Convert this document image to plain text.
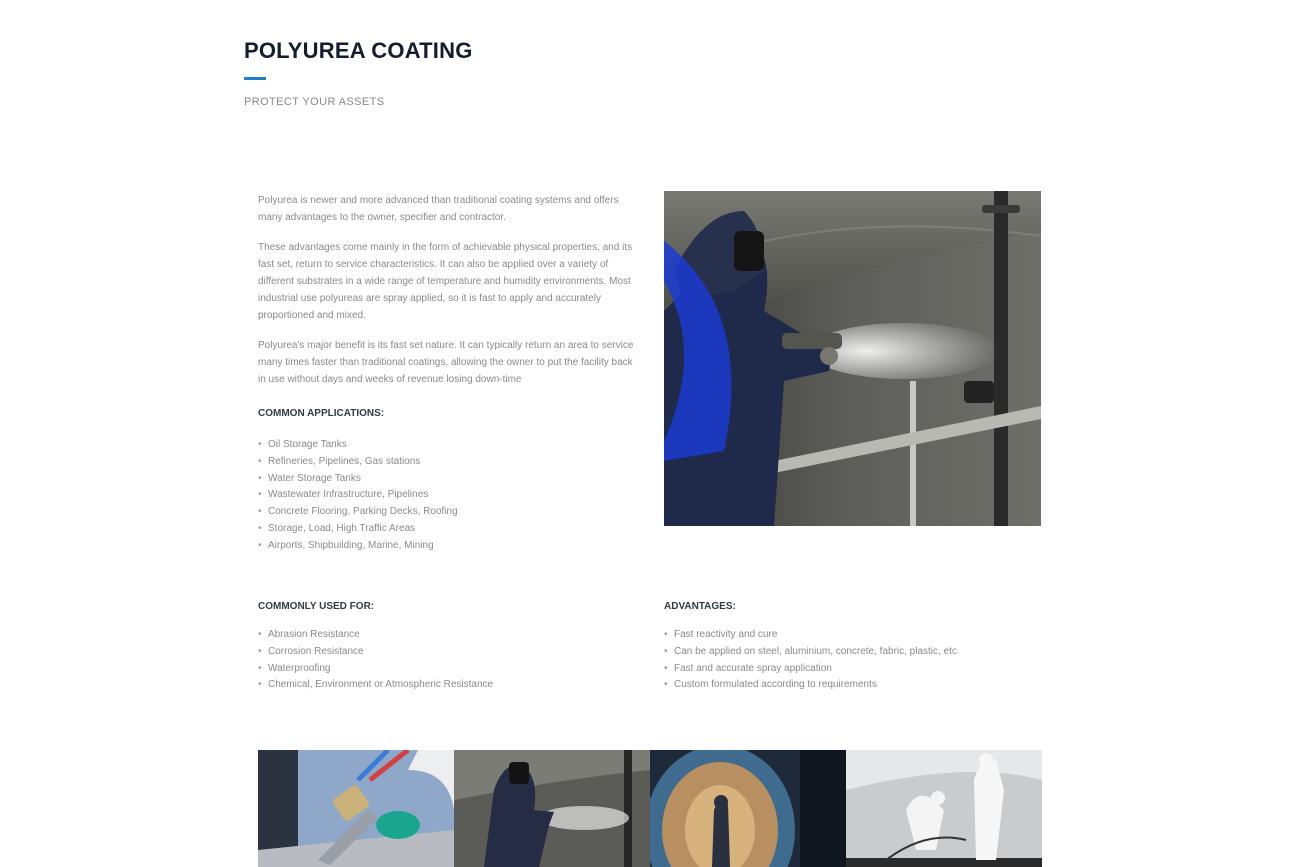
POLYUREA COATING
PROTECT YOUR ASSETS

Polyurea is newer and more advanced than traditional coating systems and offers many advantages to the owner, specifier and contractor.

These advantages come mainly in the form of achievable physical properties, and its fast set, return to service characteristics. It can also be applied over a variety of different substrates in a wide range of temperature and humidity environments. Most industrial use polyureas are spray applied, so it is fast to apply and accurately proportioned and mixed.

Polyurea's major benefit is its fast set nature. It can typically return an area to service many times faster than traditional coatings, allowing the owner to put the facility back in use without days and weeks of revenue losing down-time

COMMON APPLICATIONS:
• Oil Storage Tanks
• Refineries, Pipelines, Gas stations
• Water Storage Tanks
• Wastewater Infrastructure, Pipelines
• Concrete Flooring, Parking Decks, Roofing
• Storage, Load, High Traffic Areas
• Airports, Shipbuilding, Marine, Mining
COMMONLY USED FOR:
• Abrasion Resistance
• Corrosion Resistance
• Waterproofing
• Chemical, Environment or Atmospheric Resistance
ADVANTAGES:
• Fast reactivity and cure
• Can be applied on steel, aluminium, concrete, fabric, plastic, etc
• Fast and accurate spray application
• Custom formulated according to requirements
